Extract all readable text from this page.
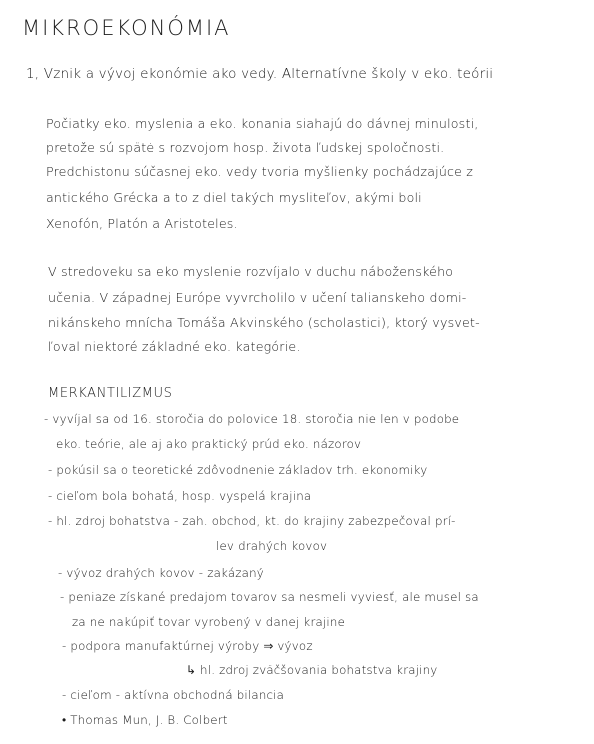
MIKROEKONÓMIA
1, Vznik a vývoj ekonómie ako vedy. Alternatívne školy v eko. teórii
Počiatky eko. myslenia a eko. konania siahajú do dávnej minulosti,
pretože sú spätė s rozvojom hosp. života ľudskej spoločnosti.
Predchistonu súčasnej eko. vedy tvoria myšlienky pochádzajúce z
antického Grécka a to z diel takých mysliteľov, akými boli
Xenofón, Platón a Aristoteles.
V stredoveku sa eko myslenie rozvíjalo v duchu náboženského
učenia. V západnej Európe vyvrcholilo v učení talianskeho domi-
nikánskeho mnícha Tomáša Akvinského (scholastici), ktorý vysvet-
ľoval niektoré základné eko. kategórie.
MERKANTILIZMUS
- vyvíjal sa od 16. storočia do polovice 18. storočia nie len v podobe
eko. teórie, ale aj ako praktický prúd eko. názorov
- pokúsil sa o teoretické zdôvodnenie základov trh. ekonomiky
- cieľom bola bohatá, hosp. vyspelá krajina
- hl. zdroj bohatstva - zah. obchod, kt. do krajiny zabezpečoval prí-
lev drahých kovov
- vývoz drahých kovov - zakázaný
- peniaze získané predajom tovarov sa nesmeli vyviesť, ale musel sa
za ne nakúpiť tovar vyrobený v danej krajine
- podpora manufaktúrnej výroby ⇒ vývoz
↳ hl. zdroj zväčšovania bohatstva krajiny
- cieľom - aktívna obchodná bilancia
• Thomas Mun, J. B. Colbert
